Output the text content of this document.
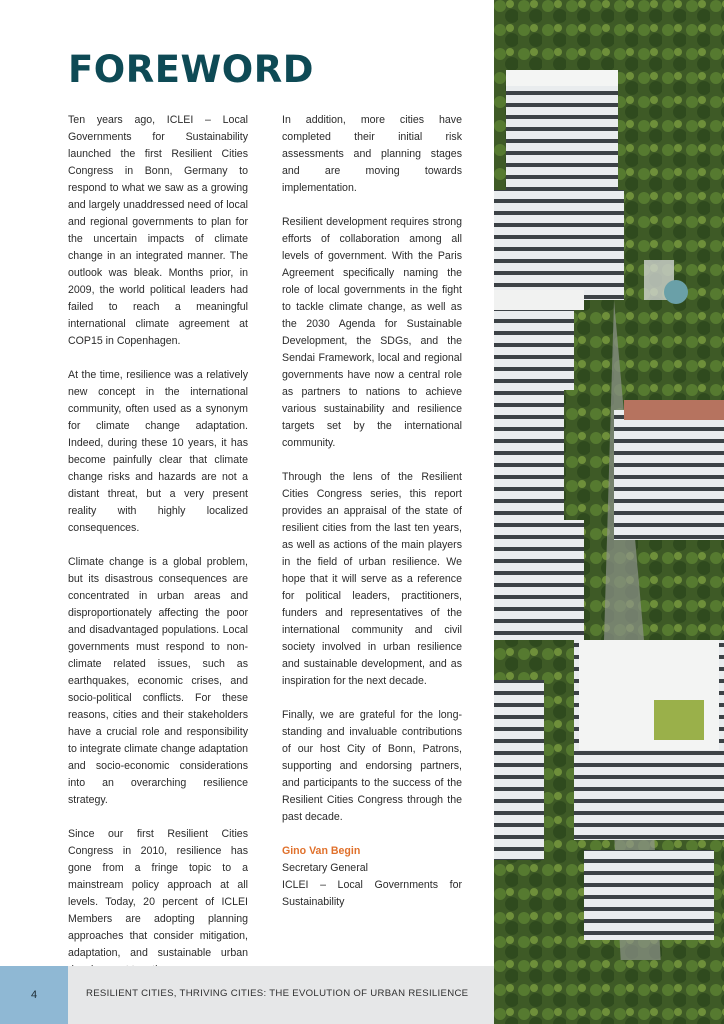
FOREWORD

Ten years ago, ICLEI – Local Governments for Sustainability launched the first Resilient Cities Congress in Bonn, Germany to respond to what we saw as a growing and largely unaddressed need of local and regional governments to plan for the uncertain impacts of climate change in an integrated manner. The outlook was bleak. Months prior, in 2009, the world political leaders had failed to reach a meaningful international climate agreement at COP15 in Copenhagen.

At the time, resilience was a relatively new concept in the international community, often used as a synonym for climate change adaptation. Indeed, during these 10 years, it has become painfully clear that climate change risks and hazards are not a distant threat, but a very present reality with highly localized consequences.

Climate change is a global problem, but its disastrous consequences are concentrated in urban areas and disproportionately affecting the poor and disadvantaged populations. Local governments must respond to non-climate related issues, such as earthquakes, economic crises, and socio-political conflicts. For these reasons, cities and their stakeholders have a crucial role and responsibility to integrate climate change adaptation and socio-economic considerations into an overarching resilience strategy.

Since our first Resilient Cities Congress in 2010, resilience has gone from a fringe topic to a mainstream policy approach at all levels. Today, 20 percent of ICLEI Members are adopting planning approaches that consider mitigation, adaptation, and sustainable urban

In addition, more cities have completed their initial risk assessments and planning stages and are moving towards implementation.

Resilient development requires strong efforts of collaboration among all levels of government. With the Paris Agreement specifically naming the role of local governments in the fight to tackle climate change, as well as the 2030 Agenda for Sustainable Development, the SDGs, and the Sendai Framework, local and regional governments have now a central role as partners to nations to achieve various sustainability and resilience targets set by the international community.

Through the lens of the Resilient Cities Congress series, this report provides an appraisal of the state of resilient cities from the last ten years, as well as actions of the main players in the field of urban resilience. We hope that it will serve as a reference for political leaders, practitioners, funders and representatives of the international community and civil society involved in urban resilience and sustainable development, and as inspiration for the next decade.

Finally, we are grateful for the long-standing and invaluable contributions of our host City of Bonn, Patrons, supporting and endorsing partners, and participants to the success of the Resilient Cities Congress through the past decade.

Gino Van Begin
Secretary General
ICLEI – Local Governments for Sustainability
4	RESILIENT CITIES, THRIVING CITIES: THE EVOLUTION OF URBAN RESILIENCE
